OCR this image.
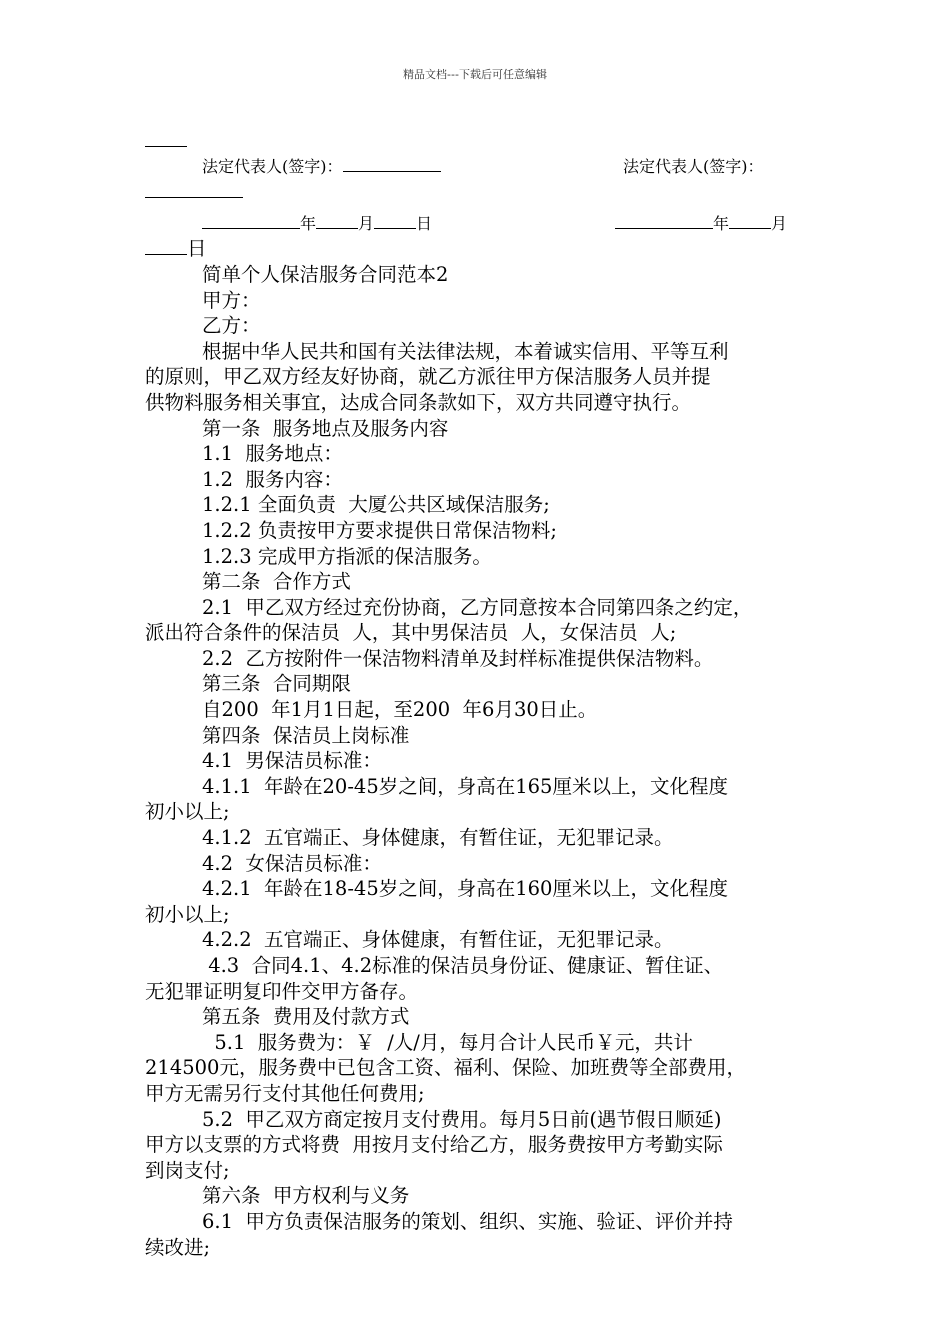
精品文档---下载后可任意编辑
法定代表人(签字)：	法定代表人(签字)：
年	月	日	年	月
日
简单个人保洁服务合同范本2
甲方：
乙方：
根据中华人民共和国有关法律法规，本着诚实信用、平等互利
的原则，甲乙双方经友好协商，就乙方派往甲方保洁服务人员并提
供物料服务相关事宜，达成合同条款如下，双方共同遵守执行。
第一条  服务地点及服务内容
1.1  服务地点：
1.2  服务内容：
1.2.1 全面负责  大厦公共区域保洁服务;
1.2.2 负责按甲方要求提供日常保洁物料;
1.2.3 完成甲方指派的保洁服务。
第二条  合作方式
2.1  甲乙双方经过充份协商，乙方同意按本合同第四条之约定，
派出符合条件的保洁员  人，其中男保洁员  人，女保洁员  人;
2.2  乙方按附件一保洁物料清单及封样标准提供保洁物料。
第三条  合同期限
自200  年1月1日起，至200  年6月30日止。
第四条  保洁员上岗标准
4.1  男保洁员标准：
4.1.1  年龄在20-45岁之间，身高在165厘米以上，文化程度
初小以上;
4.1.2  五官端正、身体健康，有暂住证，无犯罪记录。
4.2  女保洁员标准：
4.2.1  年龄在18-45岁之间，身高在160厘米以上，文化程度
初小以上;
4.2.2  五官端正、身体健康，有暂住证，无犯罪记录。
4.3  合同4.1、4.2标准的保洁员身份证、健康证、暂住证、
无犯罪证明复印件交甲方备存。
第五条  费用及付款方式
5.1  服务费为：￥  /人/月，每月合计人民币￥元，共计
214500元，服务费中已包含工资、福利、保险、加班费等全部费用，
甲方无需另行支付其他任何费用;
5.2  甲乙双方商定按月支付费用。每月5日前(遇节假日顺延)
甲方以支票的方式将费  用按月支付给乙方，服务费按甲方考勤实际
到岗支付;
第六条  甲方权利与义务
6.1  甲方负责保洁服务的策划、组织、实施、验证、评价并持
续改进;
